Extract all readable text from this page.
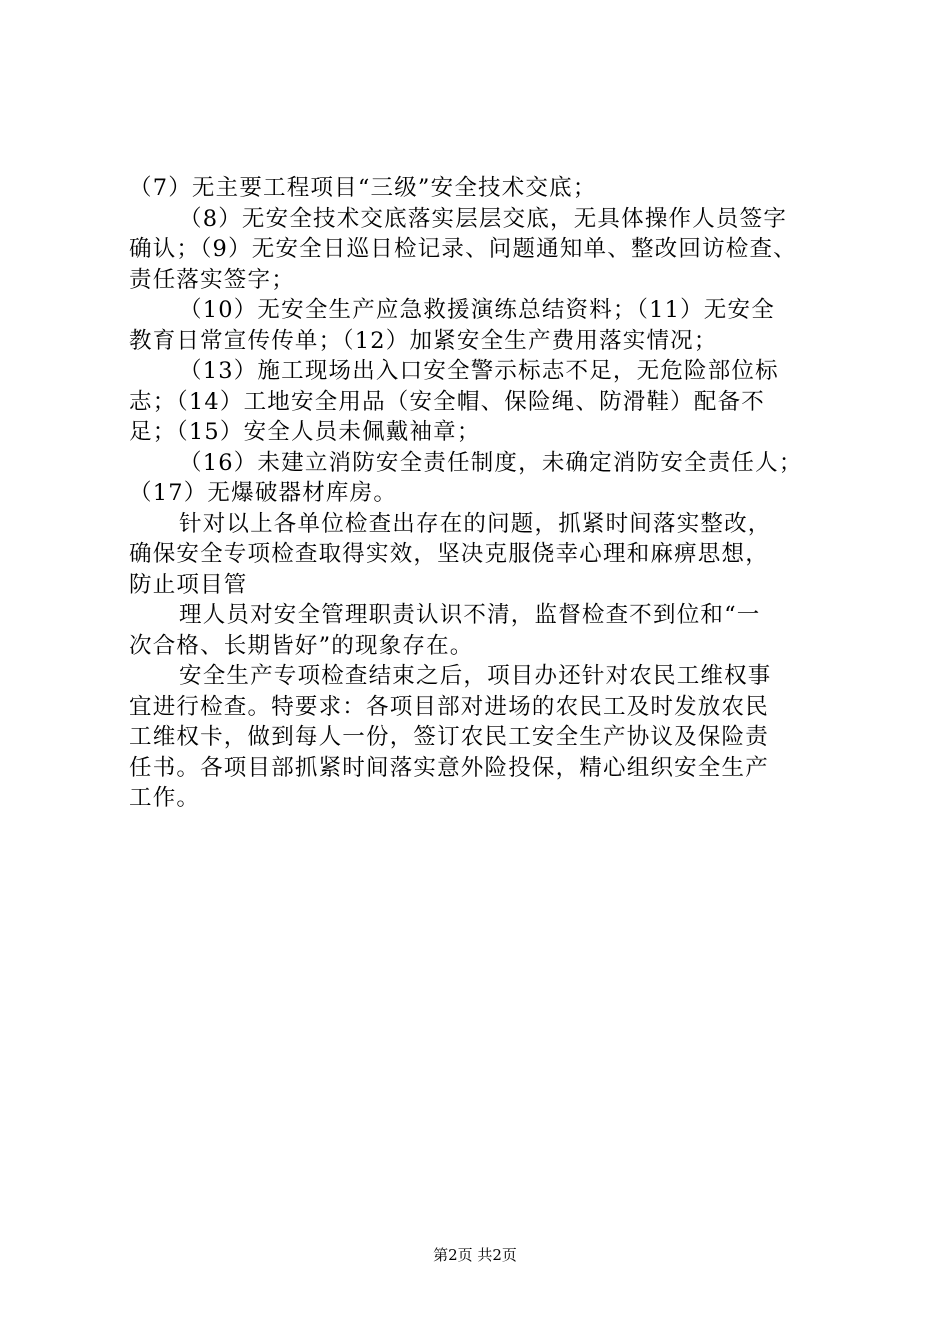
（7）无主要工程项目“三级”安全技术交底；
（8）无安全技术交底落实层层交底，无具体操作人员签字
确认；（9）无安全日巡日检记录、问题通知单、整改回访检查、
责任落实签字；
（10）无安全生产应急救援演练总结资料；（11）无安全
教育日常宣传传单；（12）加紧安全生产费用落实情况；
（13）施工现场出入口安全警示标志不足，无危险部位标
志；（14）工地安全用品（安全帽、保险绳、防滑鞋）配备不
足；（15）安全人员未佩戴袖章；
（16）未建立消防安全责任制度，未确定消防安全责任人；
（17）无爆破器材库房。
针对以上各单位检查出存在的问题，抓紧时间落实整改，
确保安全专项检查取得实效，坚决克服侥幸心理和麻痹思想，
防止项目管
理人员对安全管理职责认识不清，监督检查不到位和“一
次合格、长期皆好”的现象存在。
安全生产专项检查结束之后，项目办还针对农民工维权事
宜进行检查。特要求：各项目部对进场的农民工及时发放农民
工维权卡，做到每人一份，签订农民工安全生产协议及保险责
任书。各项目部抓紧时间落实意外险投保，精心组织安全生产
工作。
第2页 共2页
